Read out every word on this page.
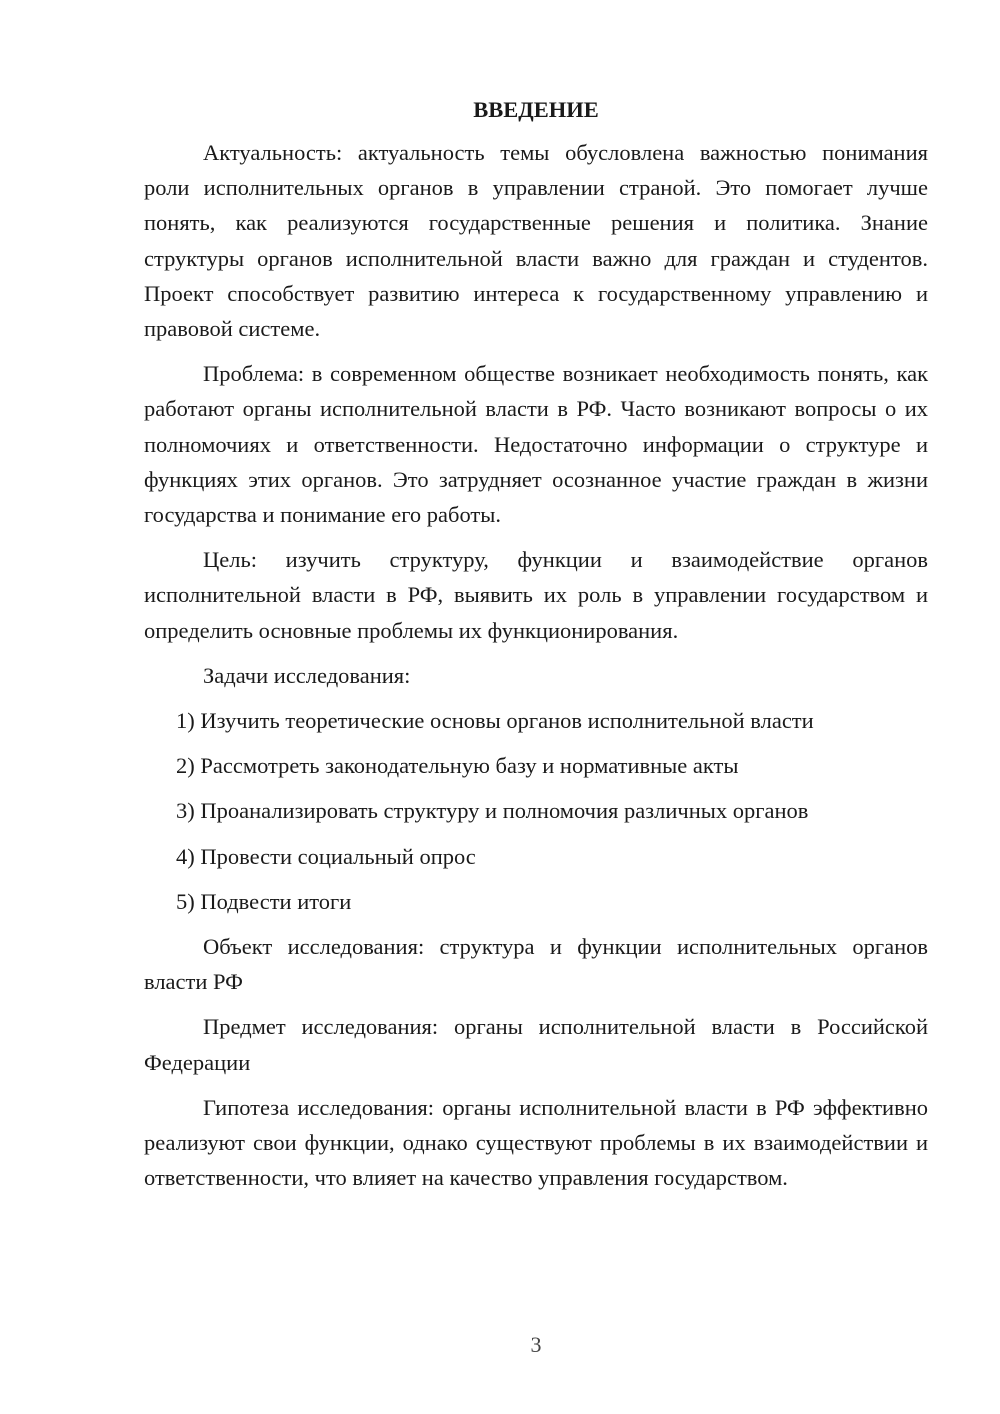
ВВЕДЕНИЕ

Актуальность: актуальность темы обусловлена важностью понимания роли исполнительных органов в управлении страной. Это помогает лучше понять, как реализуются государственные решения и политика. Знание структуры органов исполнительной власти важно для граждан и студентов. Проект способствует развитию интереса к государственному управлению и правовой системе.

Проблема: в современном обществе возникает необходимость понять, как работают органы исполнительной власти в РФ. Часто возникают вопросы о их полномочиях и ответственности. Недостаточно информации о структуре и функциях этих органов. Это затрудняет осознанное участие граждан в жизни государства и понимание его работы.

Цель: изучить структуру, функции и взаимодействие органов исполнительной власти в РФ, выявить их роль в управлении государством и определить основные проблемы их функционирования.

Задачи исследования:
1) Изучить теоретические основы органов исполнительной власти
2) Рассмотреть законодательную базу и нормативные акты
3) Проанализировать структуру и полномочия различных органов
4) Провести социальный опрос
5) Подвести итоги

Объект исследования: структура и функции исполнительных органов власти РФ

Предмет исследования: органы исполнительной власти в Российской Федерации

Гипотеза исследования: органы исполнительной власти в РФ эффективно реализуют свои функции, однако существуют проблемы в их взаимодействии и ответственности, что влияет на качество управления государством.

3
